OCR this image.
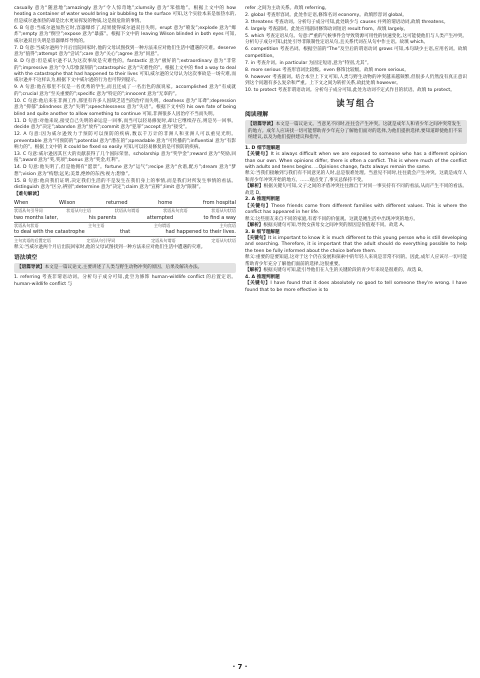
casually 意为“随意地”;amazingly 意为“令人惊奇地”;clumsily 意为“笨拙地”。根据上文中的 how heating a container of water would bring air bubbling to the surface 可知,这个实验本来是加热水的,但是威尔逊加热的却是比水更易挥发的物质,这是很危险的事情。

6. B 句意:当威尔逊加热它时,容器爆炸了,结果使得威尔逊双目失明。erupt 意为“喷发”;explode 意为“爆炸”;empty 意为“倒空”;expose 意为“暴露”。根据下文中的 leaving Wilson blinded in both eyes 可知,威尔逊双目失明是容器爆炸导致的。

7. D 句意:当威尔逊两个月后出院回家时,他的父母试图找到一种方法来应对他们生活中遭遇的灾难。deserve 意为“值得”;attempt 意为“尝试”;care 意为“关心”;agree 意为“同意”。

8. D 句意:但是威尔逊不认为这次事故是灾难性的。fantastic 意为“极好的”;extraordinary 意为“非常的”;impressive 意为“令人印象深刻的”;catastrophic 意为“灾难性的”。根据上文中的 find a way to deal with the catastrophe that had happened to their lives 可知,威尔逊的父母认为这次事故是一场灾难,而威尔逊并不这样认为,根据下文中威尔逊的行为也可得到提示。

9. A 句意:他在那里不仅是一名优秀的学生,而且还成了一名出色的演说家。accomplished 意为“有成就的”;crucial 意为“至关重要的”;specific 意为“特定的”;innocent 意为“无辜的”。

10. C 句意:他后来在非洲工作,那里有许多人因缺乏适当的治疗而失明。deafness 意为“耳聋”;depression 意为“抑郁”;blindness 意为“失明”;speechlessness 意为“失语”。根据下文中的 his own fate of being blind and quite another to allow something to continue 可知,非洲很多人因治疗不当而失明。

11. D 句意:对他来说,接受自己失明的命运是一回事,而当可以轻易修复时,却让它继续存在,则是另一回事。decide 意为“决定”;abandon 意为“放弃”;commit 意为“犯罪”;accept 意为“接受”。

12. A 句意:因为威尔逊致力于预防可以预防的疾病,数以千万计的非洲人和亚洲人可以重见光明。preventable 意为“可预防的”;potential 意为“潜在的”;spreadable 意为“可传播的”;influential 意为“有影响力的”。根据上文中的 it could be fixed so easily 可知,可以轻易修复的是可预防的疾病。

13. C 句意:威尔逊因其巨大的贡献获得了几个国际荣誉。scholarship 意为“奖学金”;reward 意为“奖励,回报”;award 意为“奖,奖项”;bonus 意为“奖金,红利”。

14. D 句意:他失明了,但是他拥有“愿景”。fortune 意为“运气”;recipe 意为“食谱,配方”;dream 意为“梦想”;vision 意为“构想;远见;美景,绝妙的东西;视力;想象”。

15. B 句意:他向我们证明,决定我们生活的不是发生在我们身上的事情,而是我们对所发生事情的看法。distinguish 意为“区分,辨别”;determine 意为“决定”;claim 意为“宣称”;limit 意为“限制”。

【难句解读】
When	Wilson	returned	home	from hospital
状语从句引导词	状语从句主语	状语从句谓语	状语从句宾语	状语从句状语
two months later,	his parents	attempted	to find a way
状语从句状语	主句主语	主句谓语	主句宾语
to deal with the catastrophe	that	had happened to their lives.
主句宾语的后置定语	定语从句引导词	定语从句谓语	定语从句状语

释义:当威尔逊两个月后出院回家时,他的父母试图找到一种方法来应对他们生活中遭遇的灾难。

语法填空
【语篇导读】本文是一篇议论文,主要讲述了人类与野生动物冲突的原因、后果及解决办法。

1. referring 考查非谓语动词。分析句子成分可知,此空为修饰 human-wildlife conflict 的后置定语。human-wildlife conflict 与

refer 之间为主动关系。故填 referring。

2. global 考查形容词。此处作定语,修饰名词 economy。故填形容词 global。

3. threatens 考查动词。分析句子成分可知,此处缺少与 causes 并列的谓语动词,故填 threatens。

4. largely 考查副词。此处应用副词修饰动词短语 result from。故填 largely。

5. which 考查定语从句。句意:严重的气候事件会导致资源可用性的快速变化,这可能使他们与人类产生冲突。分析句子成分可知,此处引导非限制性定语从句,且关系代词在从句中作主语。故填 which。

6. competition 考查名词。根据空前的“The”及空后的谓语动词 grows 可知,本句缺少主语,应用名词。故填 competition。

7. in 考查介词。in particular 为固定短语,意为“特别,尤其”。

8. more serious 考查形容词比较级。even 修饰比较级。故填 more serious。

9. however 考查副词。结合本空上下文可知,人类与野生动物的冲突越来越频繁,但很多人仍然没有真正意识到这个问题有多么复杂和严重。上下文之间为转折关系,故此处填 however。

10. to protect 考查非谓语动词。分析句子成分可知,此处为动词不定式作目的状语。故填 to protect。

读写组合
阅读理解
【语篇导读】本文是一篇议论文。当意见不同时,往往会产生冲突。这就是成年人和青少年之间冲突常发生的地方。成年人应该找一切可能帮助青少年充分了解他们面对的选择,为他们提供选择,要知道即使他们不采纳建议,以及为他们提供建议和指导。

1. D 细节理解题

【关键句】It is always difficult when we are exposed to someone who has a different opinion than our own. When opinions differ, there is often a conflict. This is where much of the conflict with adults and teens begins. ...Opinions change, facts always remain the same.

释义:当我们接触到与我们有不同意见的人时,总是很难处理。当意见不同时,往往就会产生冲突。这就是成年人和青少年冲突开始的地方。……观点变了,事实总保持不变。

【解析】根据关键句可知,父子之间的矛盾冲突往往源自于对同一事实持有不同的看法,从而产生不同的看法。故选 D。

2. A 推理判断题

【关键句】These friends come from different families with different values. This is where the conflict has appeared in her life.

释义:这些朋友来自不同的家庭,有着不同的价值观。这就是她生活中出现冲突的地方。

【解析】根据关键句可知,导致女孩母女之间冲突的原因是价值观不同。故选 A。

3. B 细节理解题

【关键句】It is important to know it is much different to this young person who is still developing and searching. Therefore, it is important that the adult should do everything possible to help the teen be fully informed about the choice before them.

释义:重要的是要知道,这对于这个仍在发展和探索中的年轻人来说是非常不同的。因此,成年人应该尽一切可能帮助青少年充分了解他们面前的选择,这很重要。

【解析】根据关键句可知,能引导他们在人生的关键阶段的青少年来说是很难的。故选 B。

4. A 推理判断题

【关键句】I have found that it does absolutely no good to tell someone they're wrong. I have found that to be more effective is to

· 7 ·
